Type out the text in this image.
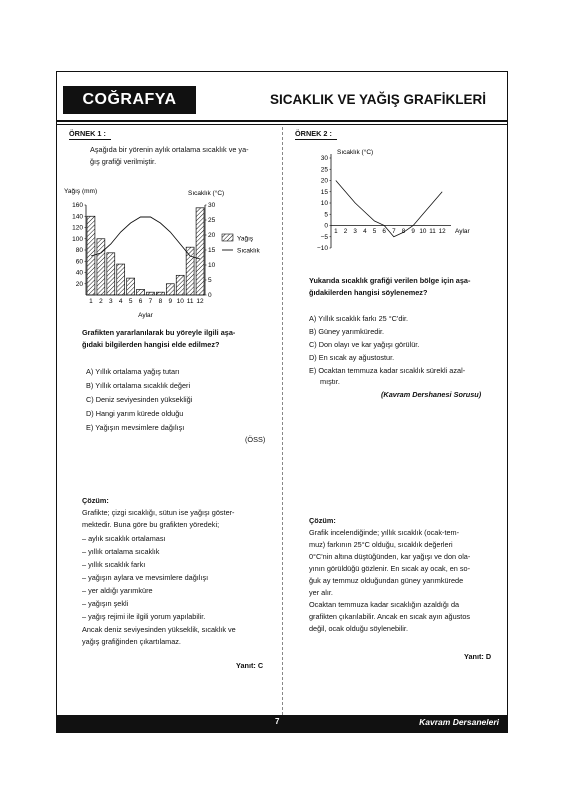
COĞRAFYA	SICAKLIK VE YAĞIŞ GRAFİKLERİ
ÖRNEK 1 :
Aşağıda bir yörenin aylık ortalama sıcaklık ve ya-
ğış grafiği verilmiştir.
Yağış (mm)	Sıcaklık (°C)
20
40
60
80
100
120
140
160
0
5
10
15
20
25
30
1 2 3 4 5 6 7 8 9 10 11 12
Aylar
Yağış
Sıcaklık
Grafikten yararlanılarak bu yöreyle ilgili aşa-
ğıdaki bilgilerden hangisi elde edilmez?
A) Yıllık ortalama yağış tutarı
B) Yıllık ortalama sıcaklık değeri
C) Deniz seviyesinden yüksekliği
D) Hangi yarım kürede olduğu
E) Yağışın mevsimlere dağılışı
(ÖSS)
Çözüm:
Grafikte; çizgi sıcaklığı, sütun ise yağışı göster-
mektedir. Buna göre bu grafikten yöredeki;
– aylık sıcaklık ortalaması
– yıllık ortalama sıcaklık
– yıllık sıcaklık farkı
– yağışın aylara ve mevsimlere dağılışı
– yer aldığı yarımküre
– yağışın şekli
– yağış rejimi ile ilgili yorum yapılabilir.
Ancak deniz seviyesinden yükseklik, sıcaklık ve
yağış grafiğinden çıkartılamaz.
Yanıt: C
ÖRNEK 2 :
Sıcaklık (°C)
30
25
20
15
10
5
0
−5
−10
1 2 3 4 5 6 7 8 9 10 11 12 Aylar
Yukarıda sıcaklık grafiği verilen bölge için aşa-
ğıdakilerden hangisi söylenemez?
A) Yıllık sıcaklık farkı 25 °C'dir.
B) Güney yarımküredir.
C) Don olayı ve kar yağışı görülür.
D) En sıcak ay ağustostur.
E) Ocaktan temmuza kadar sıcaklık sürekli azal-
mıştır.
(Kavram Dershanesi Sorusu)
Çözüm:
Grafik incelendiğinde; yıllık sıcaklık (ocak-tem-
muz) farkının 25°C olduğu, sıcaklık değerleri
0°C'nin altına düştüğünden, kar yağışı ve don ola-
yının görüldüğü gözlenir. En sıcak ay ocak, en so-
ğuk ay temmuz olduğundan güney yarımkürede
yer alır.
Ocaktan temmuza kadar sıcaklığın azaldığı da
grafikten çıkarılabilir. Ancak en sıcak ayın ağustos
değil, ocak olduğu söylenebilir.
Yanıt: D
7	Kavram Dersaneleri
